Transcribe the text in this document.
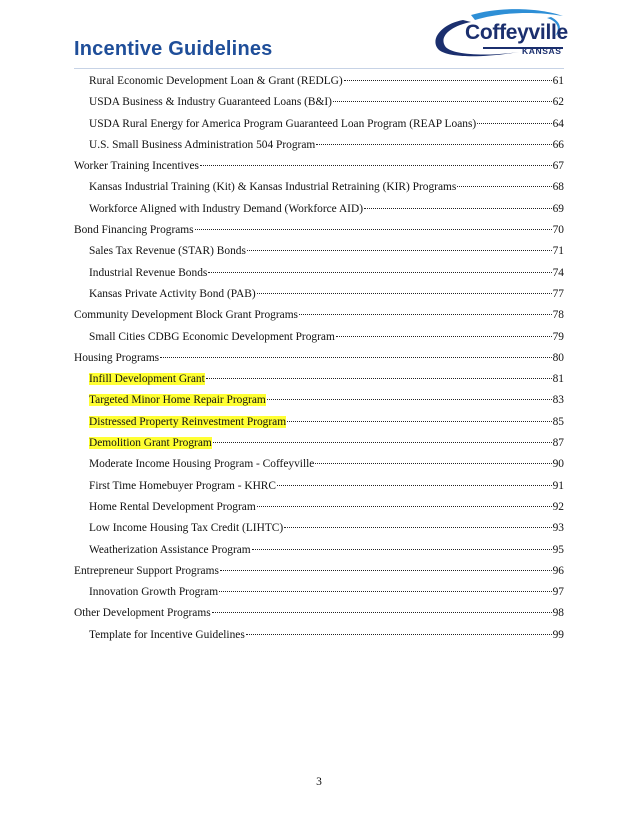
Incentive Guidelines
Coffeyville
KANSAS
Rural Economic Development Loan & Grant (REDLG)	61
USDA Business & Industry Guaranteed Loans (B&I)	62
USDA Rural Energy for America Program Guaranteed Loan Program (REAP Loans)	64
U.S. Small Business Administration 504 Program	66
Worker Training Incentives	67
Kansas Industrial Training (Kit) & Kansas Industrial Retraining (KIR) Programs	68
Workforce Aligned with Industry Demand (Workforce AID)	69
Bond Financing Programs	70
Sales Tax Revenue (STAR) Bonds	71
Industrial Revenue Bonds	74
Kansas Private Activity Bond (PAB)	77
Community Development Block Grant Programs	78
Small Cities CDBG Economic Development Program	79
Housing Programs	80
Infill Development Grant	81
Targeted Minor Home Repair Program	83
Distressed Property Reinvestment Program	85
Demolition Grant Program	87
Moderate Income Housing Program - Coffeyville	90
First Time Homebuyer Program - KHRC	91
Home Rental Development Program	92
Low Income Housing Tax Credit (LIHTC)	93
Weatherization Assistance Program	95
Entrepreneur Support Programs	96
Innovation Growth Program	97
Other Development Programs	98
Template for Incentive Guidelines	99
3
